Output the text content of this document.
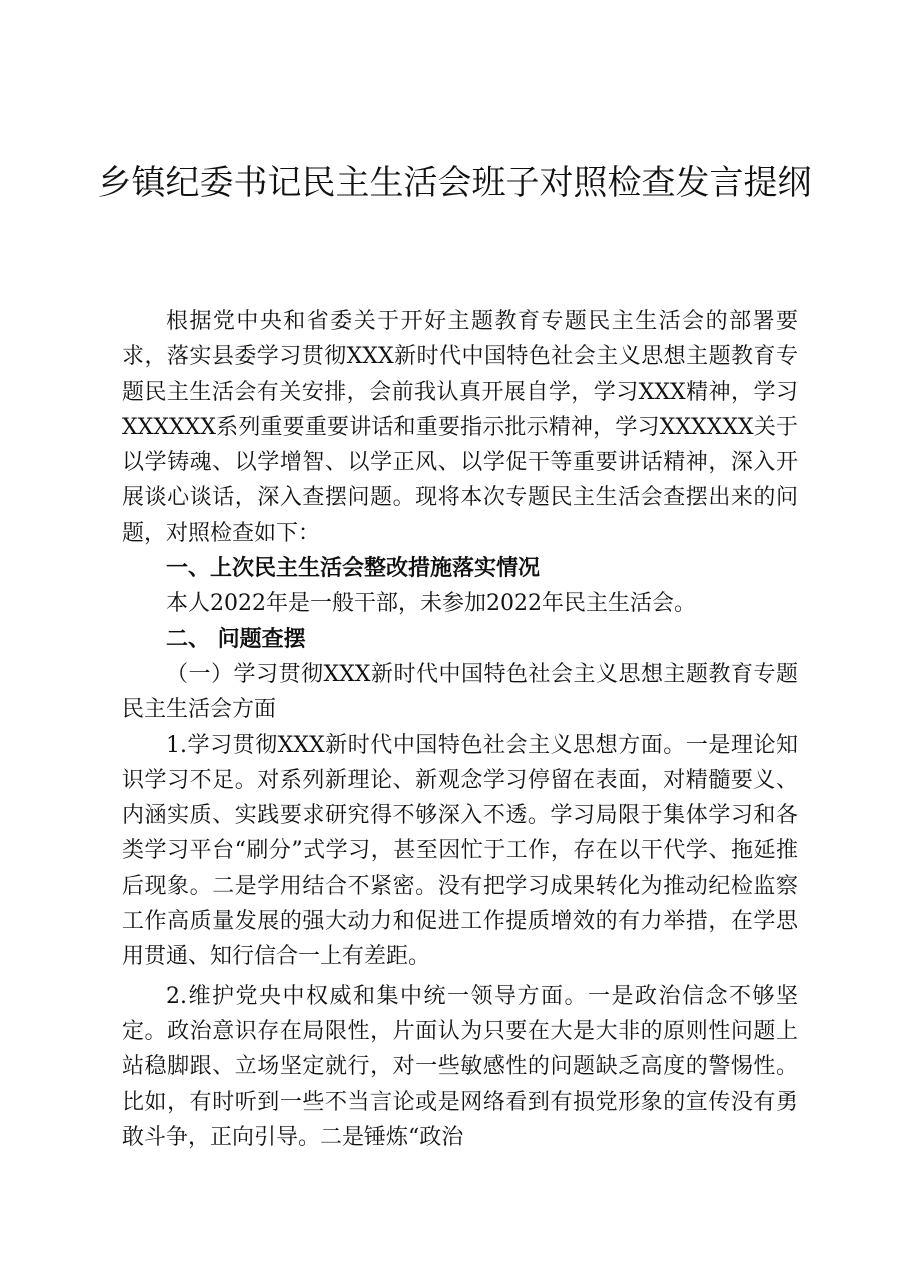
乡镇纪委书记民主生活会班子对照检查发言提纲

根据党中央和省委关于开好主题教育专题民主生活会的部署要求，落实县委学习贯彻XXX新时代中国特色社会主义思想主题教育专题民主生活会有关安排，会前我认真开展自学，学习XXX精神，学习XXXXXX系列重要重要讲话和重要指示批示精神，学习XXXXXX关于以学铸魂、以学增智、以学正风、以学促干等重要讲话精神，深入开展谈心谈话，深入查摆问题。现将本次专题民主生活会查摆出来的问题，对照检查如下：

一、上次民主生活会整改措施落实情况

本人2022年是一般干部，未参加2022年民主生活会。

二、 问题查摆

（一）学习贯彻XXX新时代中国特色社会主义思想主题教育专题民主生活会方面

1.学习贯彻XXX新时代中国特色社会主义思想方面。一是理论知识学习不足。对系列新理论、新观念学习停留在表面，对精髓要义、内涵实质、实践要求研究得不够深入不透。学习局限于集体学习和各类学习平台“刷分”式学习，甚至因忙于工作，存在以干代学、拖延推后现象。二是学用结合不紧密。没有把学习成果转化为推动纪检监察工作高质量发展的强大动力和促进工作提质增效的有力举措，在学思用贯通、知行信合一上有差距。

2.维护党央中权威和集中统一领导方面。一是政治信念不够坚定。政治意识存在局限性，片面认为只要在大是大非的原则性问题上站稳脚跟、立场坚定就行，对一些敏感性的问题缺乏高度的警惕性。比如，有时听到一些不当言论或是网络看到有损党形象的宣传没有勇敢斗争，正向引导。二是锤炼“政治
